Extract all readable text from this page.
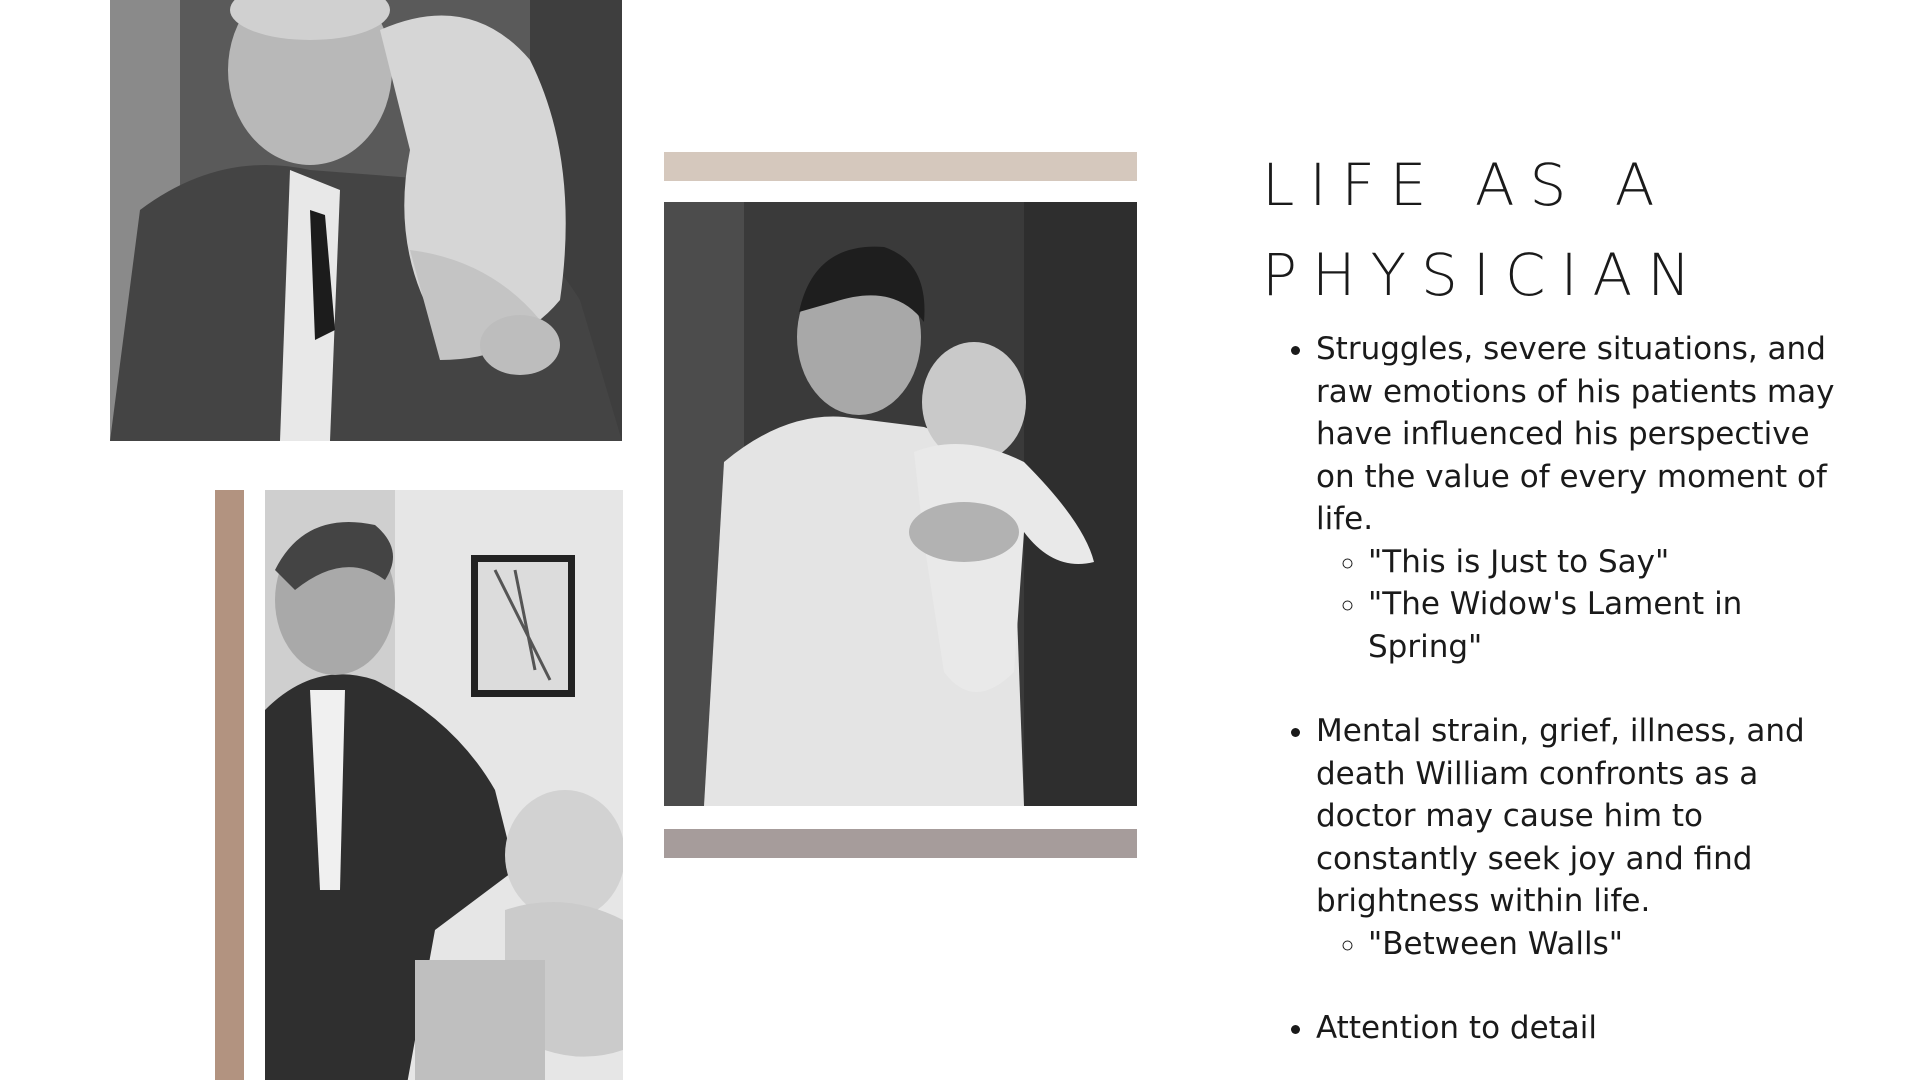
LIFE AS A PHYSICIAN
• Struggles, severe situations, and raw emotions of his patients may have influenced his perspective on the value of every moment of life.
◦ "This is Just to Say"
◦ "The Widow's Lament in Spring"
• Mental strain, grief, illness, and death William confronts as a doctor may cause him to constantly seek joy and find brightness within life.
◦ "Between Walls"
• Attention to detail
